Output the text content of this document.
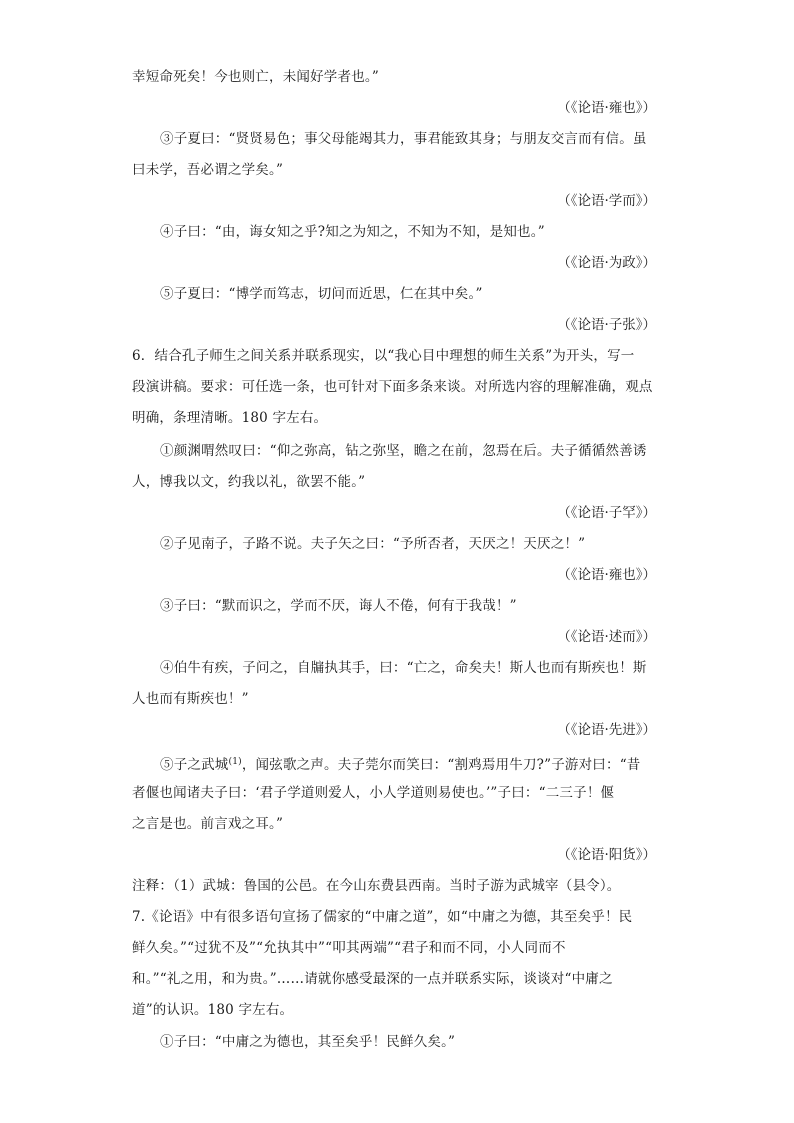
幸短命死矣！今也则亡，未闻好学者也。”
（《论语·雍也》）
③子夏曰：“贤贤易色；事父母能竭其力，事君能致其身；与朋友交言而有信。虽
曰未学，吾必谓之学矣。”
（《论语·学而》）
④子曰：“由，诲女知之乎?知之为知之，不知为不知，是知也。”
（《论语·为政》）
⑤子夏曰：“博学而笃志，切问而近思，仁在其中矣。”
（《论语·子张》）
6．结合孔子师生之间关系并联系现实，以“我心目中理想的师生关系”为开头，写一
段演讲稿。要求：可任选一条，也可针对下面多条来谈。对所选内容的理解准确，观点
明确，条理清晰。180 字左右。
①颜渊喟然叹曰：“仰之弥高，钻之弥坚，瞻之在前，忽焉在后。夫子循循然善诱
人，博我以文，约我以礼，欲罢不能。”
（《论语·子罕》）
②子见南子，子路不说。夫子矢之曰：“予所否者，天厌之！天厌之！”
（《论语·雍也》）
③子曰：“默而识之，学而不厌，诲人不倦，何有于我哉！”
（《论语·述而》）
④伯牛有疾，子问之，自牖执其手，曰：“亡之，命矣夫！斯人也而有斯疾也！斯
人也而有斯疾也！”
（《论语·先进》）
⑤子之武城$^{(1)}$，闻弦歌之声。夫子莞尔而笑曰：“割鸡焉用牛刀?”子游对曰：“昔
者偃也闻诸夫子曰：‘君子学道则爱人，小人学道则易使也。’”子曰：“二三子！偃
之言是也。前言戏之耳。”
（《论语·阳货》）
注释：（1）武城：鲁国的公邑。在今山东费县西南。当时子游为武城宰（县令）。
7.《论语》中有很多语句宣扬了儒家的“中庸之道”，如“中庸之为德，其至矣乎！民
鲜久矣。”“过犹不及”“允执其中”“叩其两端”“君子和而不同，小人同而不
和。”“礼之用，和为贵。”……请就你感受最深的一点并联系实际，谈谈对“中庸之
道”的认识。180 字左右。
①子曰：“中庸之为德也，其至矣乎！民鲜久矣。”
